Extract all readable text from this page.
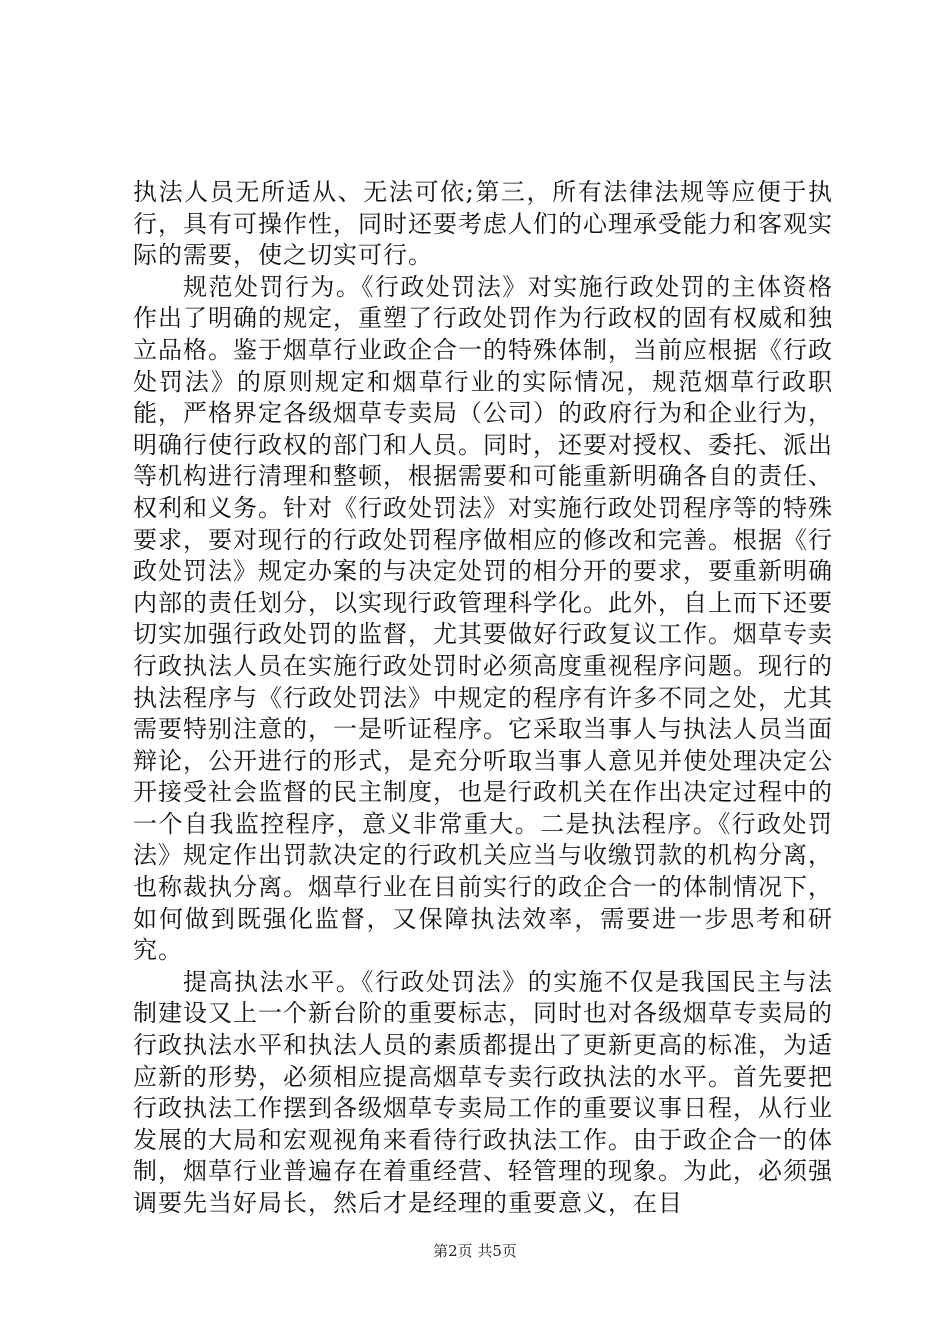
执法人员无所适从、无法可依;第三，所有法律法规等应便于执行，具有可操作性，同时还要考虑人们的心理承受能力和客观实际的需要，使之切实可行。

规范处罚行为。《行政处罚法》对实施行政处罚的主体资格作出了明确的规定，重塑了行政处罚作为行政权的固有权威和独立品格。鉴于烟草行业政企合一的特殊体制，当前应根据《行政处罚法》的原则规定和烟草行业的实际情况，规范烟草行政职能，严格界定各级烟草专卖局（公司）的政府行为和企业行为，明确行使行政权的部门和人员。同时，还要对授权、委托、派出等机构进行清理和整顿，根据需要和可能重新明确各自的责任、权利和义务。针对《行政处罚法》对实施行政处罚程序等的特殊要求，要对现行的行政处罚程序做相应的修改和完善。根据《行政处罚法》规定办案的与决定处罚的相分开的要求，要重新明确内部的责任划分，以实现行政管理科学化。此外，自上而下还要切实加强行政处罚的监督，尤其要做好行政复议工作。烟草专卖行政执法人员在实施行政处罚时必须高度重视程序问题。现行的执法程序与《行政处罚法》中规定的程序有许多不同之处，尤其需要特别注意的，一是听证程序。它采取当事人与执法人员当面辩论，公开进行的形式，是充分听取当事人意见并使处理决定公开接受社会监督的民主制度，也是行政机关在作出决定过程中的一个自我监控程序，意义非常重大。二是执法程序。《行政处罚法》规定作出罚款决定的行政机关应当与收缴罚款的机构分离，也称裁执分离。烟草行业在目前实行的政企合一的体制情况下，如何做到既强化监督，又保障执法效率，需要进一步思考和研究。

提高执法水平。《行政处罚法》的实施不仅是我国民主与法制建设又上一个新台阶的重要标志，同时也对各级烟草专卖局的行政执法水平和执法人员的素质都提出了更新更高的标准，为适应新的形势，必须相应提高烟草专卖行政执法的水平。首先要把行政执法工作摆到各级烟草专卖局工作的重要议事日程，从行业发展的大局和宏观视角来看待行政执法工作。由于政企合一的体制，烟草行业普遍存在着重经营、轻管理的现象。为此，必须强调要先当好局长，然后才是经理的重要意义，在目

第2页 共5页
